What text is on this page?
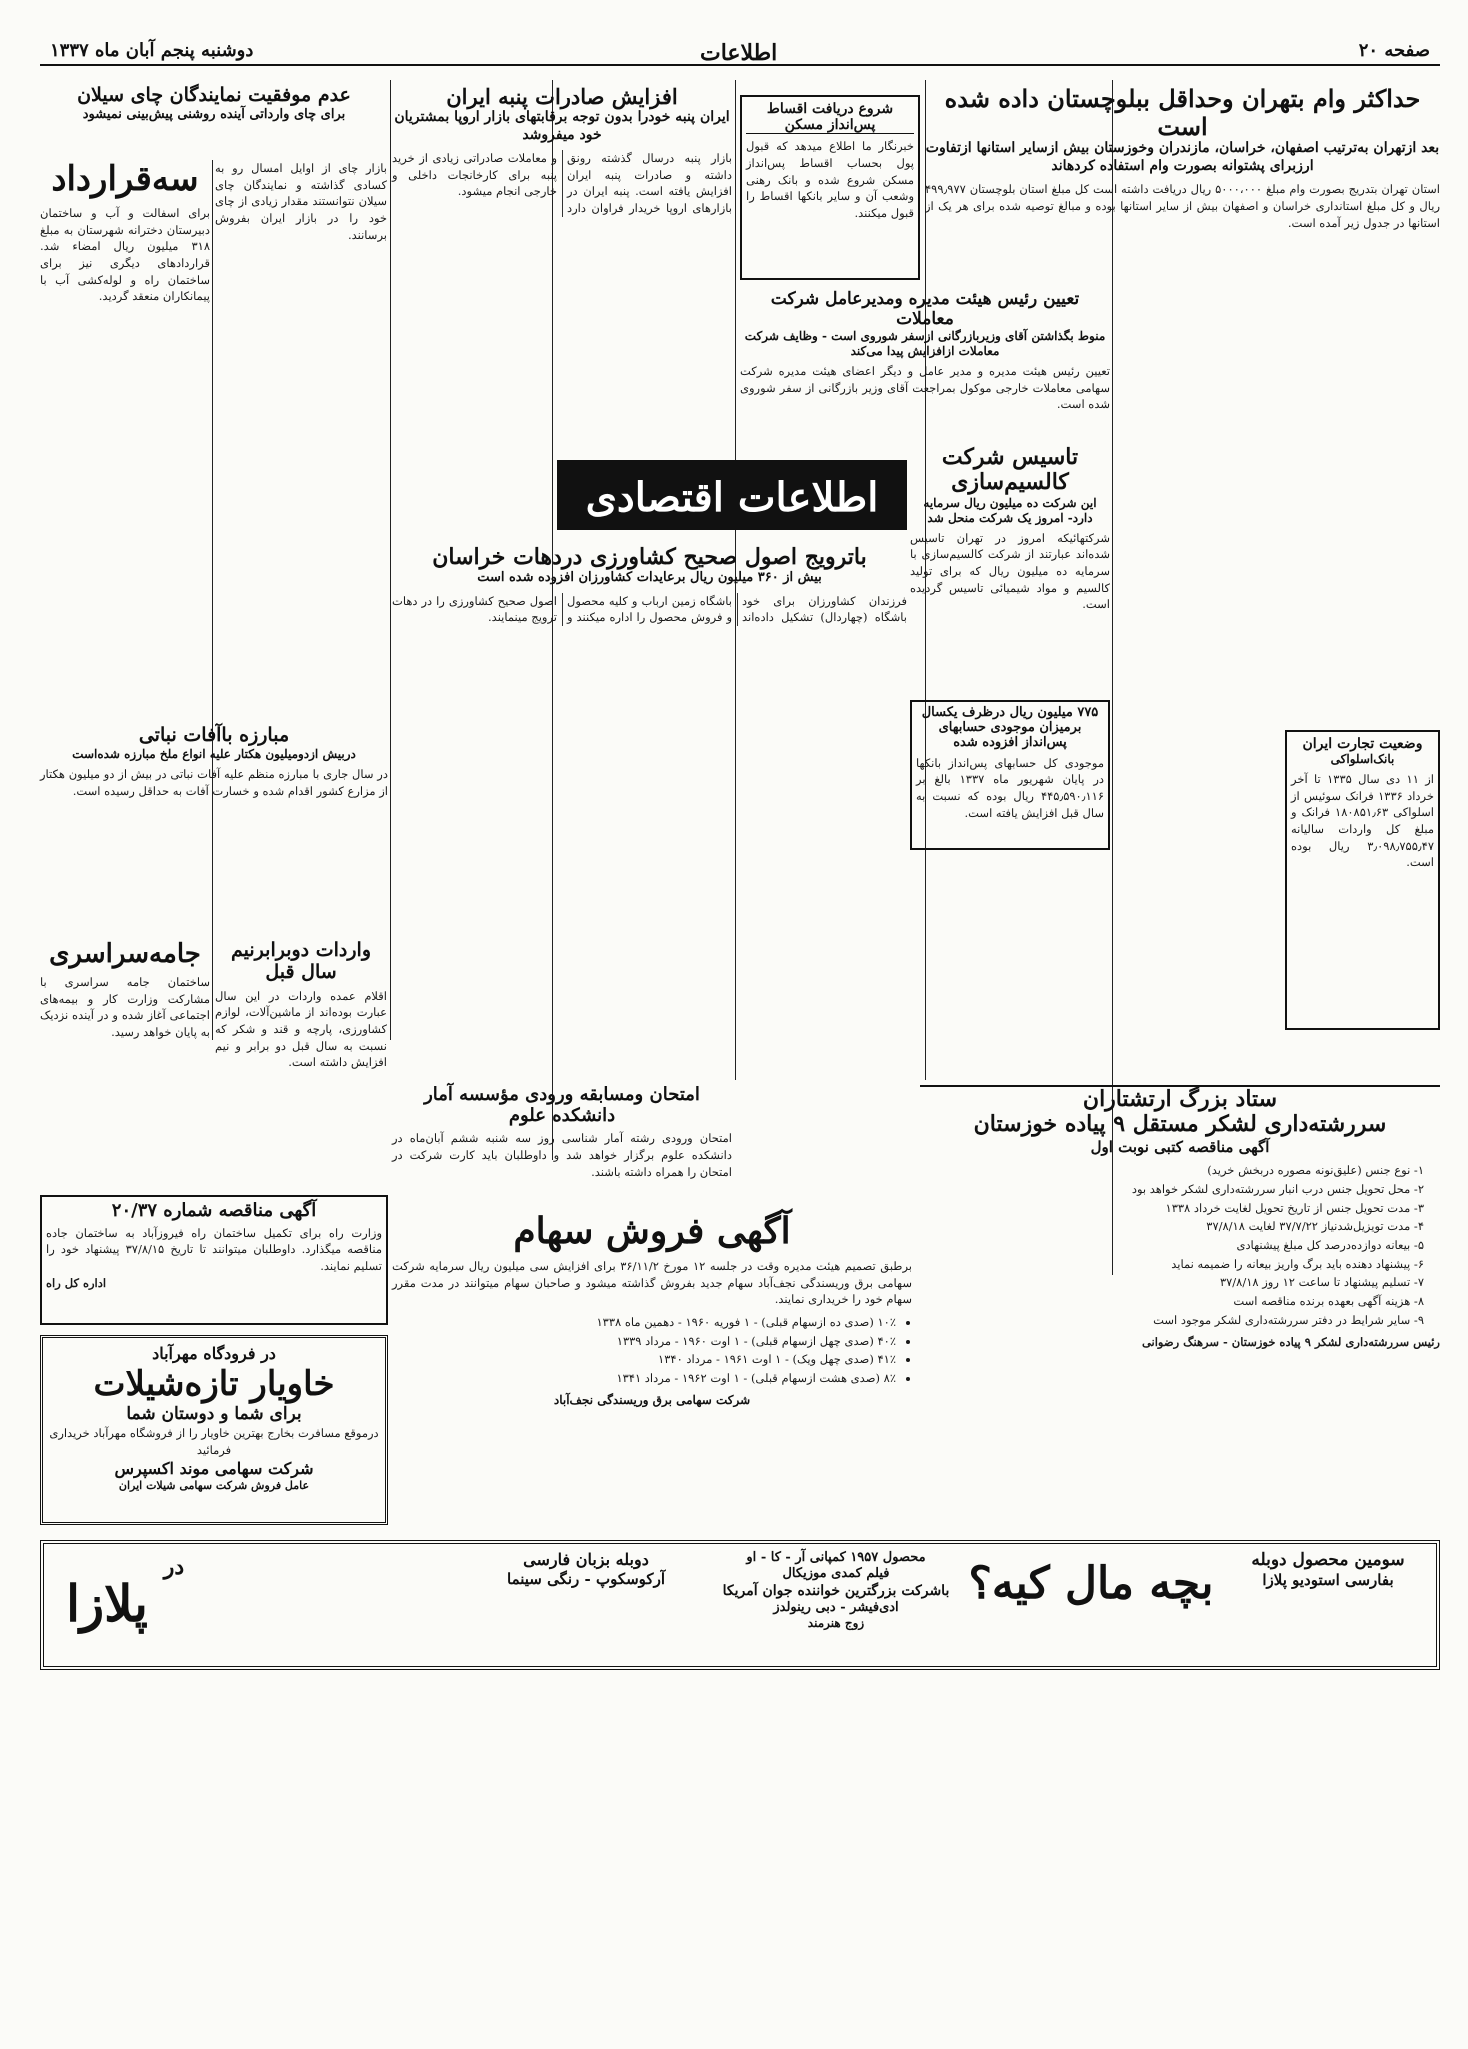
صفحه ۲۰
اطلاعات
دوشنبه پنجم آبان ماه ۱۳۳۷
حداکثر وام بتهران وحداقل ببلوچستان داده شده است
بعد ازتهران به‌ترتیب اصفهان، خراسان، مازندران وخوزستان بیش ازسایر استانها ازتفاوت ارزبرای پشتوانه بصورت وام استفاده کردهاند
استان تهران بتدریج بصورت وام مبلغ ۵۰۰۰،۰۰۰ ریال دریافت داشته است کل مبلغ استان بلوچستان ۴۹۹٫۹۷۷ ریال و کل مبلغ استانداری خراسان و اصفهان بیش از سایر استانها بوده و مبالغ توصیه شده برای هر یک از استانها در جدول زیر آمده است.
شروع دریافت اقساط پس‌انداز مسکن
خبرنگار ما اطلاع میدهد که قبول پول بحساب اقساط پس‌انداز مسکن شروع شده و بانک رهنی وشعب آن و سایر بانکها اقساط را قبول میکنند.
افزایش صادرات پنبه ایران
ایران پنبه خودرا بدون توجه برقابتهای بازار اروپا بمشتریان خود میفروشد
بازار پنبه درسال گذشته رونق داشته و صادرات پنبه ایران افزایش یافته است. پنبه ایران در بازارهای اروپا خریدار فراوان دارد و معاملات صادراتی زیادی از خرید پنبه برای کارخانجات داخلی و خارجی انجام میشود.
عدم موفقیت نمایندگان چای سیلان
برای چای وارداتی آینده روشنی پیش‌بینی نمیشود
بازار چای از اوایل امسال رو به کسادی گذاشته و نمایندگان چای سیلان نتوانستند مقدار زیادی از چای خود را در بازار ایران بفروش برسانند.
سه‌قرارداد
برای اسفالت و آب و ساختمان دبیرستان دخترانه شهرستان به مبلغ ۳۱۸ میلیون ریال امضاء شد. قراردادهای دیگری نیز برای ساختمان راه و لوله‌کشی آب با پیمانکاران منعقد گردید.	تعیین رئیس هیئت مدیره ومدیرعامل شرکت معاملات
منوط بگذاشتن آقای وزیربازرگانی ازسفر شوروی است - وظایف شرکت معاملات ازافزایش پیدا می‌کند
تعیین رئیس هیئت مدیره و مدیر عامل و دیگر اعضای هیئت مدیره شرکت سهامی معاملات خارجی موکول بمراجعت آقای وزیر بازرگانی از سفر شوروی شده است.
اطلاعات اقتصادی
تاسیس شرکت کالسیم‌سازی
این شرکت ده میلیون ریال سرمایه دارد- امروز یک شرکت منحل شد
شرکتهائیکه امروز در تهران تاسیس شده‌اند عبارتند از شرکت کالسیم‌سازی با سرمایه ده میلیون ریال که برای تولید کالسیم و مواد شیمیائی تاسیس گردیده است.
باترویج اصول صحیح کشاورزی دردهات خراسان
بیش از ۳۶۰ میلیون ریال برعایدات کشاورزان افزوده شده است
فرزندان کشاورزان برای خود باشگاه (چهاردال) تشکیل داده‌اند باشگاه زمین ارباب و کلیه محصول و فروش محصول را اداره میکنند و اصول صحیح کشاورزی را در دهات ترویج مینمایند.
۷۷۵ میلیون ریال درظرف یکسال برمیزان موجودی حسابهای پس‌انداز افزوده شده
موجودی کل حسابهای پس‌انداز بانکها در پایان شهریور ماه ۱۳۳۷ بالغ بر ۴۴۵٫۵۹۰٫۱۱۶ ریال بوده که نسبت به سال قبل افزایش یافته است.
وضعیت تجارت ایران
بانک‌اسلواکی
از ۱۱ دی سال ۱۳۳۵ تا آخر خرداد ۱۳۳۶ فرانک سوئیس از اسلواکی ۱۸۰۸۵۱٫۶۳ فرانک و مبلغ کل واردات سالیانه ۳٫۰۹۸٫۷۵۵٫۴۷ ریال بوده است.
مبارزه باآفات نباتی
دربیش ازدومیلیون هکتار علیه انواع ملخ مبارزه شده‌است
در سال جاری با مبارزه منظم علیه آفات نباتی در بیش از دو میلیون هکتار از مزارع کشور اقدام شده و خسارت آفات به حداقل رسیده است.
واردات دوبرابرنیم سال قبل
اقلام عمده واردات در این سال عبارت بوده‌اند از ماشین‌آلات، لوازم کشاورزی، پارچه و قند و شکر که نسبت به سال قبل دو برابر و نیم افزایش داشته است.
جامه‌سراسری
ساختمان جامه سراسری با مشارکت وزارت کار و بیمه‌های اجتماعی آغاز شده و در آینده نزدیک به پایان خواهد رسید.
امتحان ومسابقه ورودی مؤسسه آمار دانشکده علوم
امتحان ورودی رشته آمار شناسی روز سه شنبه ششم آبان‌ماه در دانشکده علوم برگزار خواهد شد و داوطلبان باید کارت شرکت در امتحان را همراه داشته باشند.
آگهی مناقصه شماره ۲۰/۳۷
وزارت راه برای تکمیل ساختمان راه فیروزآباد به ساختمان جاده مناقصه میگذارد. داوطلبان میتوانند تا تاریخ ۳۷/۸/۱۵ پیشنهاد خود را تسلیم نمایند.
اداره کل راه
در فرودگاه مهرآباد
خاویار تازه‌شیلات
برای شما و دوستان شما
درموقع مسافرت بخارج بهترین خاویار را از فروشگاه مهرآباد خریداری فرمائید
شرکت سهامی موند اکسپرس
عامل فروش شرکت سهامی شیلات ایران
آگهی فروش سهام
برطبق تصمیم هیئت مدیره وقت در جلسه ۱۲ مورخ ۳۶/۱۱/۲ برای افزایش سی میلیون ریال سرمایه شرکت سهامی برق وریسندگی نجف‌آباد سهام جدید بفروش گذاشته میشود و صاحبان سهام میتوانند در مدت مقرر سهام خود را خریداری نمایند.
• ۱۰٪ (صدی ده ازسهام قبلی) - ۱ فوریه ۱۹۶۰ - دهمین ماه ۱۳۳۸
• ۴۰٪ (صدی چهل ازسهام قبلی) - ۱ اوت ۱۹۶۰ - مرداد ۱۳۳۹
• ۴۱٪ (صدی چهل ویک) - ۱ اوت ۱۹۶۱ - مرداد ۱۳۴۰
• ۸٪ (صدی هشت ازسهام قبلی) - ۱ اوت ۱۹۶۲ - مرداد ۱۳۴۱
شرکت سهامی برق وریسندگی نجف‌آباد
ستاد بزرگ ارتشتاران
سررشته‌داری لشکر مستقل ۹ پیاده خوزستان
آگهی مناقصه کتبی نوبت اول
۱- نوع جنس (علیق‌نونه مصوره دربخش خرید)
۲- محل تحویل جنس درب انبار سررشته‌داری لشکر خواهد بود
۳- مدت تحویل جنس از تاریخ تحویل لغایت خرداد ۱۳۳۸
۴- مدت تویزیل‌شدنیاز ۳۷/۷/۲۲ لغایت ۳۷/۸/۱۸
۵- بیعانه دوازده‌درصد کل مبلغ پیشنهادی
۶- پیشنهاد دهنده باید برگ واریز بیعانه را ضمیمه نماید
۷- تسلیم پیشنهاد تا ساعت ۱۲ روز ۳۷/۸/۱۸
۸- هزینه آگهی بعهده برنده مناقصه است
۹- سایر شرایط در دفتر سررشته‌داری لشکر موجود است
رئیس سررشته‌داری لشکر ۹ پیاده خوزستان - سرهنگ رضوانی
سومین محصول دوبله
بفارسی استودیو پلازا
بچه مال کیه؟
محصول ۱۹۵۷ کمپانی آر - کا - او
فیلم کمدی موزیکال
باشرکت بزرگترین خواننده جوان آمریکا
ادی‌فیشر - دبی رینولدز
زوج هنرمند
دوبله بزبان فارسی
آرکوسکوپ - رنگی سینما
در
پلازا
